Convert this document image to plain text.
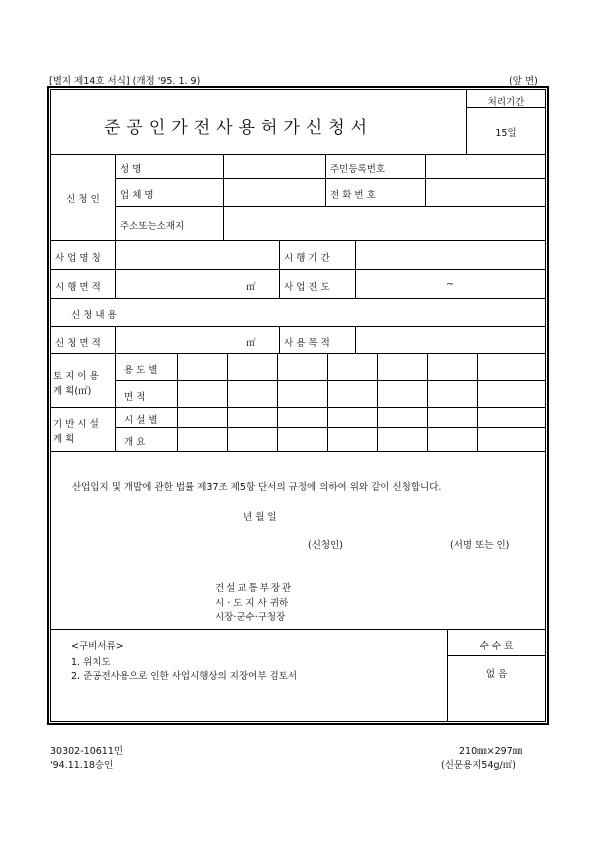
[별지 제14호 서식] (개정 '95. 1. 9)	(앞 면)
준공인가전사용허가신청서
처리기간
15일
신 청 인
성 명	주민등록번호
업 체 명	전 화 번 호
주소또는소재지
사 업 명 칭	시 행 기 간
시 행 면 적	㎡	사 업 진 도	~
신 청 내 용
신 청 면 적	㎡	사 용 목 적
토 지 이 용
계 획(㎡)
용 도 별
면 적
기 반 시 설
계 획
시 설 별
개 요
산업입지 및 개발에 관한 법률 제37조 제5항 단서의 규정에 의하여 위와 같이 신청합니다.
년 월 일
(신청인)	(서명 또는 인)
건설교통부장관
시 · 도 지 사 귀하
시장·군수·구청장
<구비서류>
1. 위치도
2. 준공전사용으로 인한 사업시행상의 지장여부 검토서
수 수 료
없 음
30302-10611민
'94.11.18승인
210㎜×297㎜
(신문용지54g/㎡)
